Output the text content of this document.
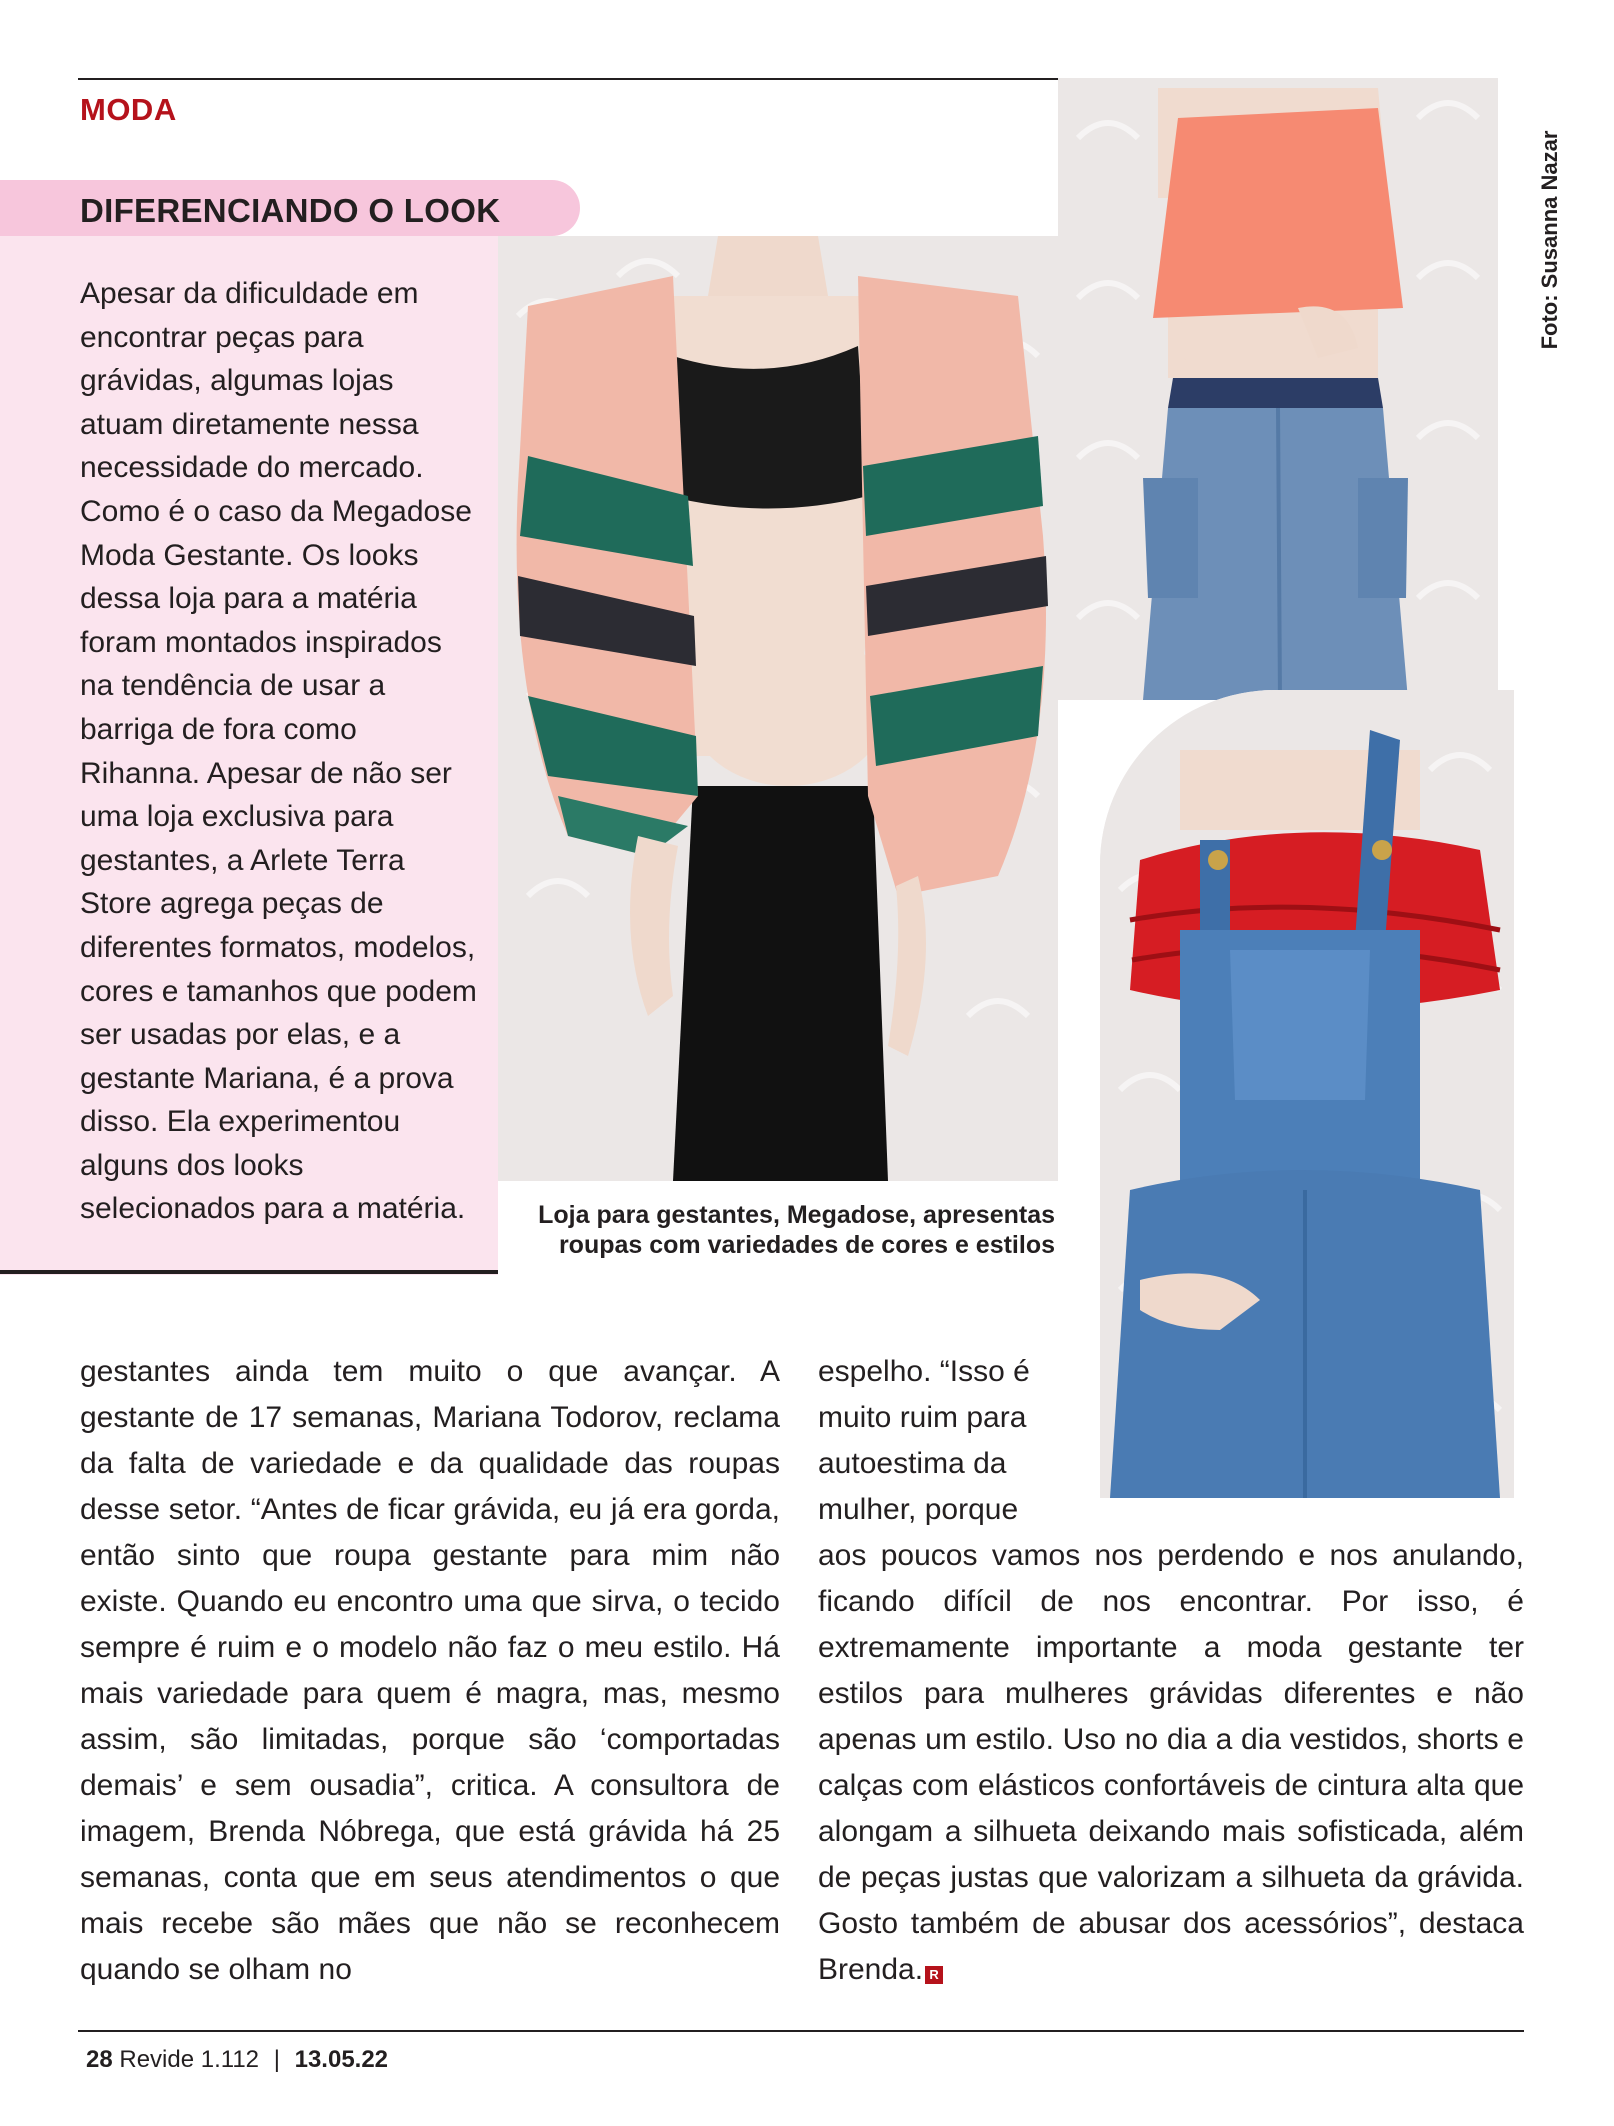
MODA
DIFERENCIANDO O LOOK

Apesar da dificuldade em encontrar peças para grávidas, algumas lojas atuam diretamente nessa necessidade do mercado. Como é o caso da Megadose Moda Gestante. Os looks dessa loja para a matéria foram montados inspirados na tendência de usar a barriga de fora como Rihanna. Apesar de não ser uma loja exclusiva para gestantes, a Arlete Terra Store agrega peças de diferentes formatos, modelos, cores e tamanhos que podem ser usadas por elas, e a gestante Mariana, é a prova disso. Ela experimentou alguns dos looks selecionados para a matéria.

Foto: Susanna Nazar
Loja para gestantes, Megadose, apresentas roupas com variedades de cores e estilos

gestantes ainda tem muito o que avançar. A gestante de 17 semanas, Mariana Todorov, reclama da falta de variedade e da qualidade das roupas desse setor. “Antes de ficar grávida, eu já era gorda, então sinto que roupa gestante para mim não existe. Quando eu encontro uma que sirva, o tecido sempre é ruim e o modelo não faz o meu estilo. Há mais variedade para quem é magra, mas, mesmo assim, são limitadas, porque são ‘comportadas demais’ e sem ousadia”, critica. A consultora de imagem, Brenda Nóbrega, que está grávida há 25 semanas, conta que em seus atendimentos o que mais recebe são mães que não se reconhecem quando se olham no

espelho. “Isso é muito ruim para autoestima da mulher, porque

aos poucos vamos nos perdendo e nos anulando, ficando difícil de nos encontrar. Por isso, é extremamente importante a moda gestante ter estilos para mulheres grávidas diferentes e não apenas um estilo. Uso no dia a dia vestidos, shorts e calças com elásticos confortáveis de cintura alta que alongam a silhueta deixando mais sofisticada, além de peças justas que valorizam a silhueta da grávida. Gosto também de abusar dos acessórios”, destaca Brenda. R

28 Revide 1.112 | 13.05.22
